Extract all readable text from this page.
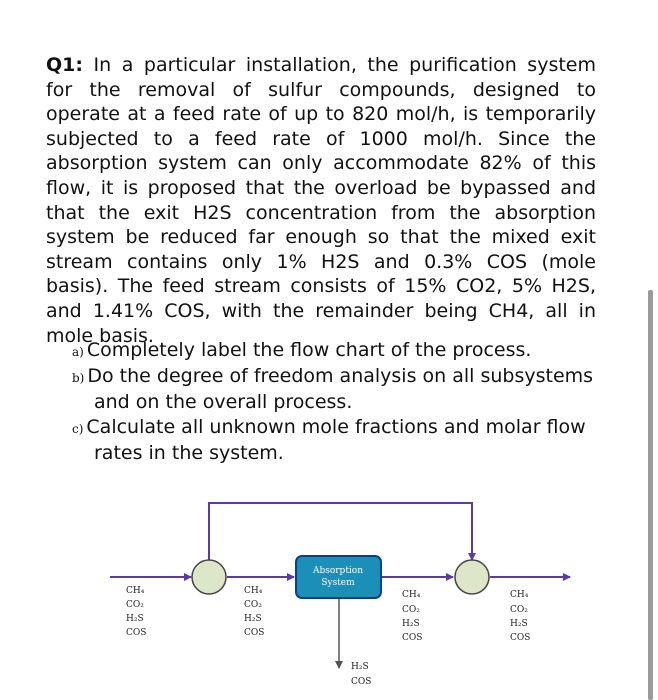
Q1: In a particular installation, the purification system for the removal of sulfur compounds, designed to operate at a feed rate of up to 820 mol/h, is temporarily subjected to a feed rate of 1000 mol/h. Since the absorption system can only accommodate 82% of this flow, it is proposed that the overload be bypassed and that the exit H2S concentration from the absorption system be reduced far enough so that the mixed exit stream contains only 1% H2S and 0.3% COS (mole basis). The feed stream consists of 15% CO2, 5% H2S, and 1.41% COS, with the remainder being CH4, all in mole basis.

a) Completely label the flow chart of the process.
b) Do the degree of freedom analysis on all subsystems
and on the overall process.
c) Calculate all unknown mole fractions and molar flow
rates in the system.
Absorption
System
CH₄
CO₂
H₂S
COS
CH₄
CO₂
H₂S
COS
CH₄
CO₂
H₂S
COS
CH₄
CO₂
H₂S
COS
H₂S
COS
